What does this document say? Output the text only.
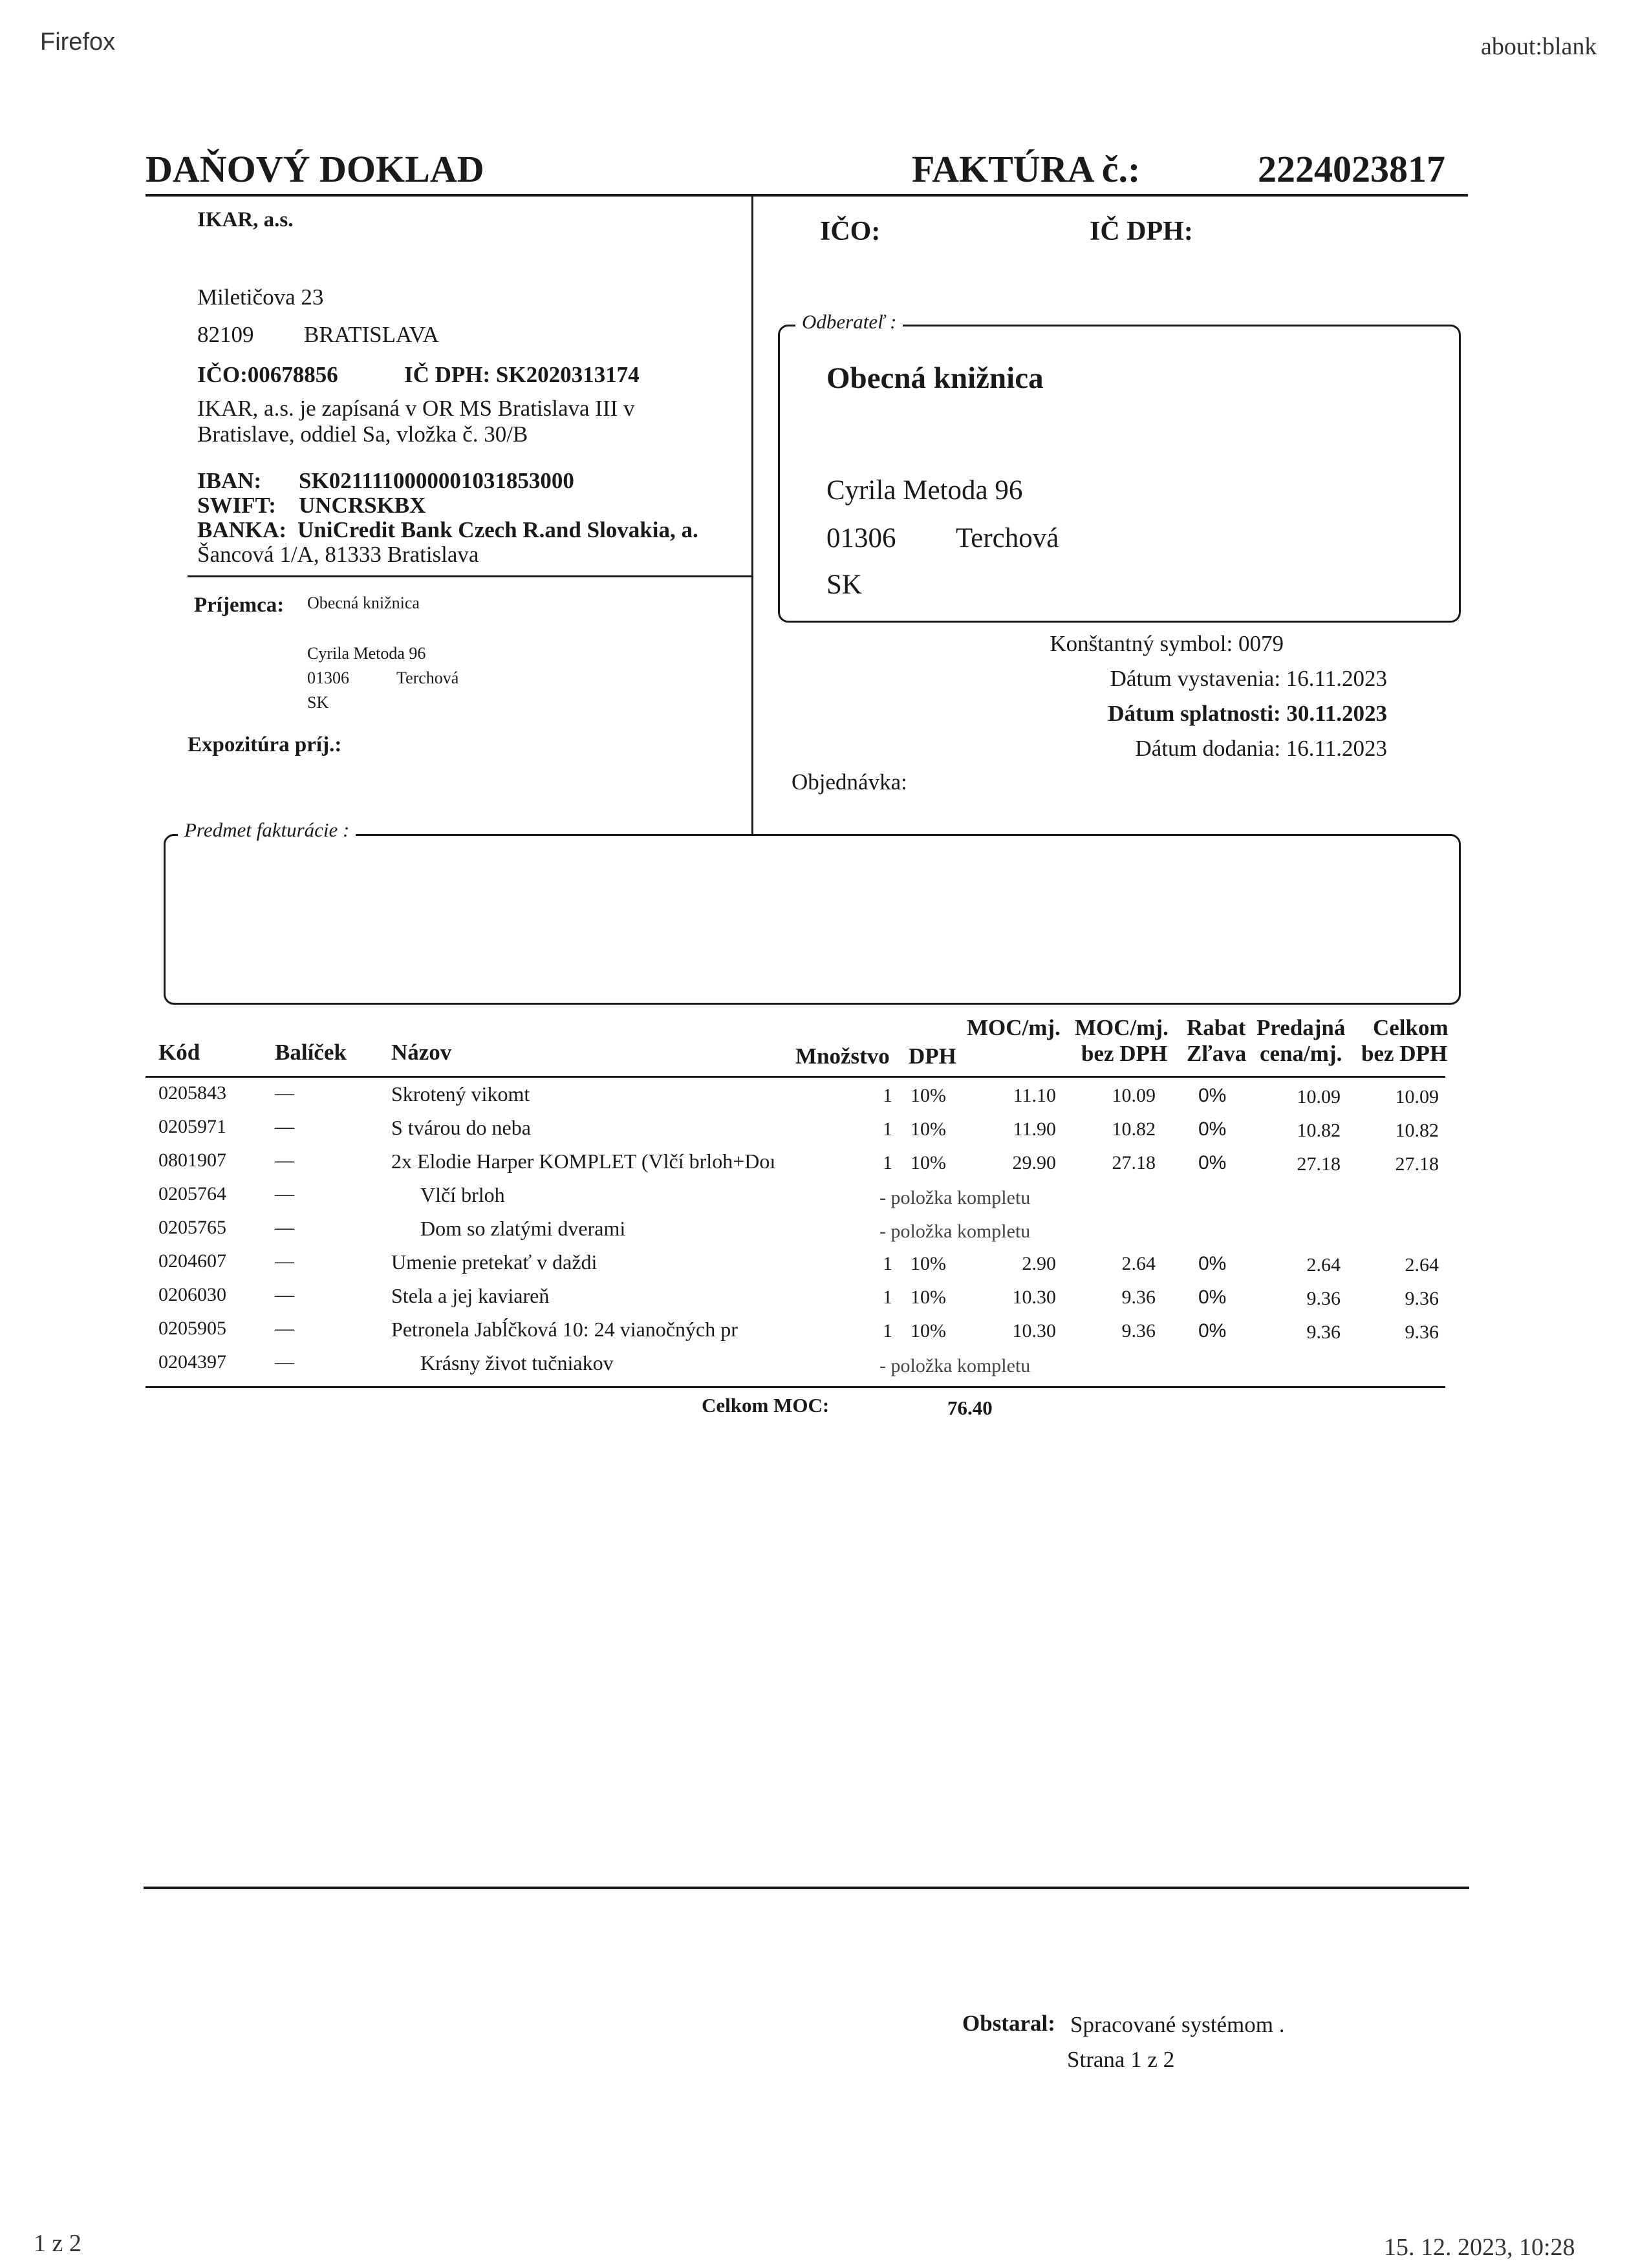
Firefox	about:blank
1 z 2	15. 12. 2023, 10:28
DAŇOVÝ DOKLAD	FAKTÚRA č.:	2224023817
IKAR, a.s.
Miletičova 23
82109 BRATISLAVA
IČO:00678856	IČ DPH: SK2020313174
IKAR, a.s. je zapísaná v OR MS Bratislava III v
Bratislave, oddiel Sa, vložka č. 30/B
IBAN: SK0211110000001031853000
SWIFT: UNCRSKBX
BANKA: UniCredit Bank Czech R.and Slovakia, a.
Šancová 1/A, 81333 Bratislava
Príjemca: Obecná knižnica
Cyrila Metoda 96
01306	Terchová
SK
Expozitúra príj.:
IČO:	IČ DPH:
Odberateľ :
Obecná knižnica
Cyrila Metoda 96
01306 Terchová
SK
Konštantný symbol: 0079
Dátum vystavenia: 16.11.2023
Dátum splatnosti: 30.11.2023
Dátum dodania: 16.11.2023
Objednávka:
Predmet fakturácie :
Kód	Balíček Názov	Množstvo DPH
MOC/mj. MOC/mj.
bez DPH
Rabat
Zľava
Predajná
cena/mj.
Celkom
bez DPH
0205843	—	Skrotený vikomt	1 10%	11.10	10.09 0%	10.09	10.09
0205971	—	S tvárou do neba	1 10%	11.90	10.82 0%	10.82	10.82
0801907	—	2x Elodie Harper KOMPLET (Vlčí brloh+Doı	1 10%	29.90	27.18 0%	27.18	27.18
0205764	—	Vlčí brloh	- položka kompletu
0205765	—	Dom so zlatými dverami	- položka kompletu
0204607	—	Umenie pretekať v daždi	1 10%	2.90	2.64 0%	2.64	2.64
0206030	—	Stela a jej kaviareň	1 10%	10.30	9.36 0%	9.36	9.36
0205905	—	Petronela Jabĺčková 10: 24 vianočných pr	1 10%	10.30	9.36 0%	9.36	9.36
0204397	—	Krásny život tučniakov	- položka kompletu
Celkom MOC:	76.40
Obstaral: Spracované systémom .
Strana 1 z 2
